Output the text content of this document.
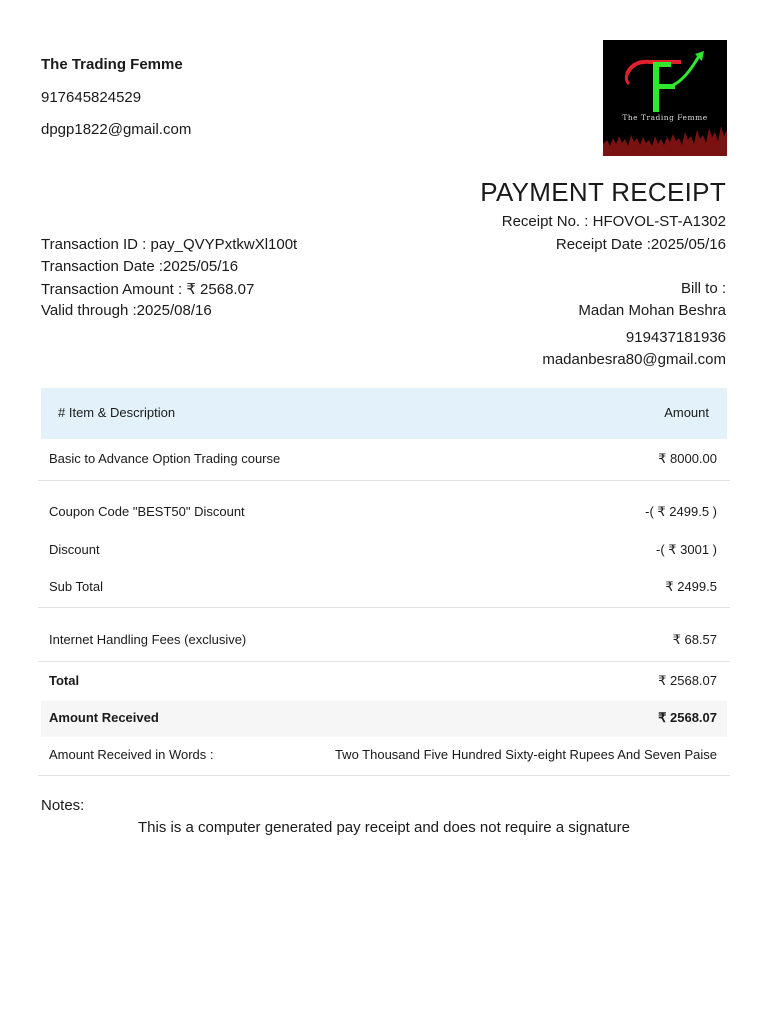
The Trading Femme
917645824529
dpgp1822@gmail.com
The Trading Femme
PAYMENT RECEIPT
Receipt No. : HFOVOL-ST-A1302
Receipt Date :2025/05/16
Transaction ID : pay_QVYPxtkwXl100t
Transaction Date :2025/05/16
Transaction Amount : ₹ 2568.07
Valid through :2025/08/16
Bill to :
Madan Mohan Beshra
919437181936
madanbesra80@gmail.com
# Item & Description	Amount
Basic to Advance Option Trading course	₹ 8000.00
Coupon Code "BEST50" Discount	-( ₹ 2499.5 )
Discount	-( ₹ 3001 )
Sub Total	₹ 2499.5
Internet Handling Fees (exclusive)	₹ 68.57
Total	₹ 2568.07
Amount Received	₹ 2568.07
Amount Received in Words :	Two Thousand Five Hundred Sixty-eight Rupees And Seven Paise
Notes:
This is a computer generated pay receipt and does not require a signature
